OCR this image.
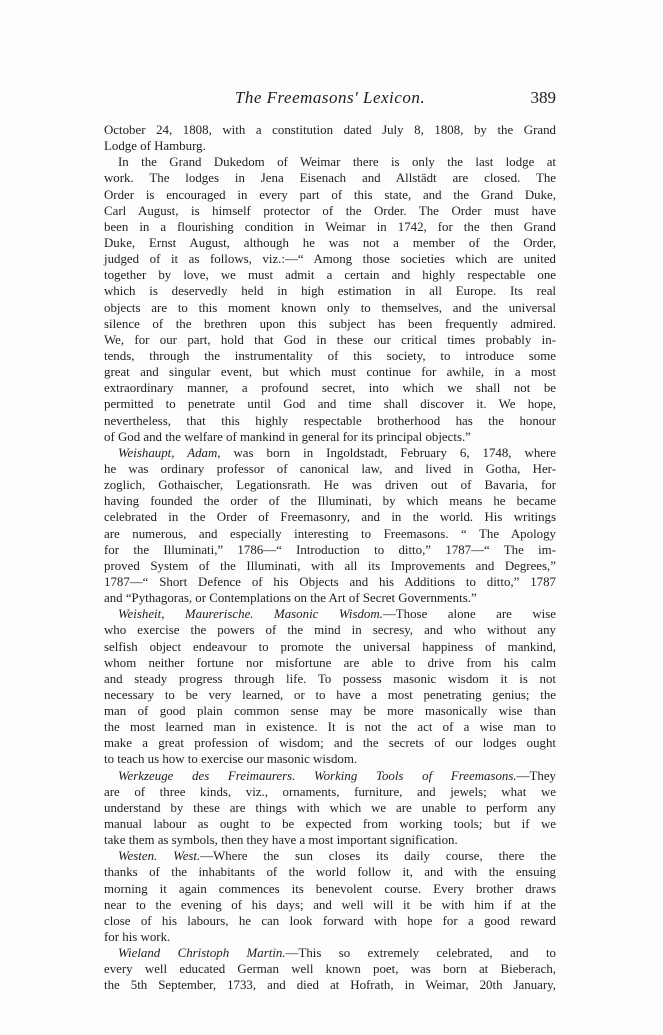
The Freemasons' Lexicon.	389
October 24, 1808, with a constitution dated July 8, 1808, by the Grand
Lodge of Hamburg.
In the Grand Dukedom of Weimar there is only the last lodge at
work. The lodges in Jena Eisenach and Allstädt are closed. The
Order is encouraged in every part of this state, and the Grand Duke,
Carl August, is himself protector of the Order. The Order must have
been in a flourishing condition in Weimar in 1742, for the then Grand
Duke, Ernst August, although he was not a member of the Order,
judged of it as follows, viz.:—“ Among those societies which are united
together by love, we must admit a certain and highly respectable one
which is deservedly held in high estimation in all Europe. Its real
objects are to this moment known only to themselves, and the universal
silence of the brethren upon this subject has been frequently admired.
We, for our part, hold that God in these our critical times probably in-
tends, through the instrumentality of this society, to introduce some
great and singular event, but which must continue for awhile, in a most
extraordinary manner, a profound secret, into which we shall not be
permitted to penetrate until God and time shall discover it. We hope,
nevertheless, that this highly respectable brotherhood has the honour
of God and the welfare of mankind in general for its principal objects.”
Weishaupt, Adam, was born in Ingoldstadt, February 6, 1748, where
he was ordinary professor of canonical law, and lived in Gotha, Her-
zoglich, Gothaischer, Legationsrath. He was driven out of Bavaria, for
having founded the order of the Illuminati, by which means he became
celebrated in the Order of Freemasonry, and in the world. His writings
are numerous, and especially interesting to Freemasons. “ The Apology
for the Illuminati,” 1786—“ Introduction to ditto,” 1787—“ The im-
proved System of the Illuminati, with all its Improvements and Degrees,”
1787—“ Short Defence of his Objects and his Additions to ditto,” 1787
and “Pythagoras, or Contemplations on the Art of Secret Governments.”
Weisheit, Maurerische. Masonic Wisdom.—Those alone are wise
who exercise the powers of the mind in secresy, and who without any
selfish object endeavour to promote the universal happiness of mankind,
whom neither fortune nor misfortune are able to drive from his calm
and steady progress through life. To possess masonic wisdom it is not
necessary to be very learned, or to have a most penetrating genius; the
man of good plain common sense may be more masonically wise than
the most learned man in existence. It is not the act of a wise man to
make a great profession of wisdom; and the secrets of our lodges ought
to teach us how to exercise our masonic wisdom.
Werkzeuge des Freimaurers. Working Tools of Freemasons.—They
are of three kinds, viz., ornaments, furniture, and jewels; what we
understand by these are things with which we are unable to perform any
manual labour as ought to be expected from working tools; but if we
take them as symbols, then they have a most important signification.
Westen. West.—Where the sun closes its daily course, there the
thanks of the inhabitants of the world follow it, and with the ensuing
morning it again commences its benevolent course. Every brother draws
near to the evening of his days; and well will it be with him if at the
close of his labours, he can look forward with hope for a good reward
for his work.
Wieland Christoph Martin.—This so extremely celebrated, and to
every well educated German well known poet, was born at Bieberach,
the 5th September, 1733, and died at Hofrath, in Weimar, 20th January,
